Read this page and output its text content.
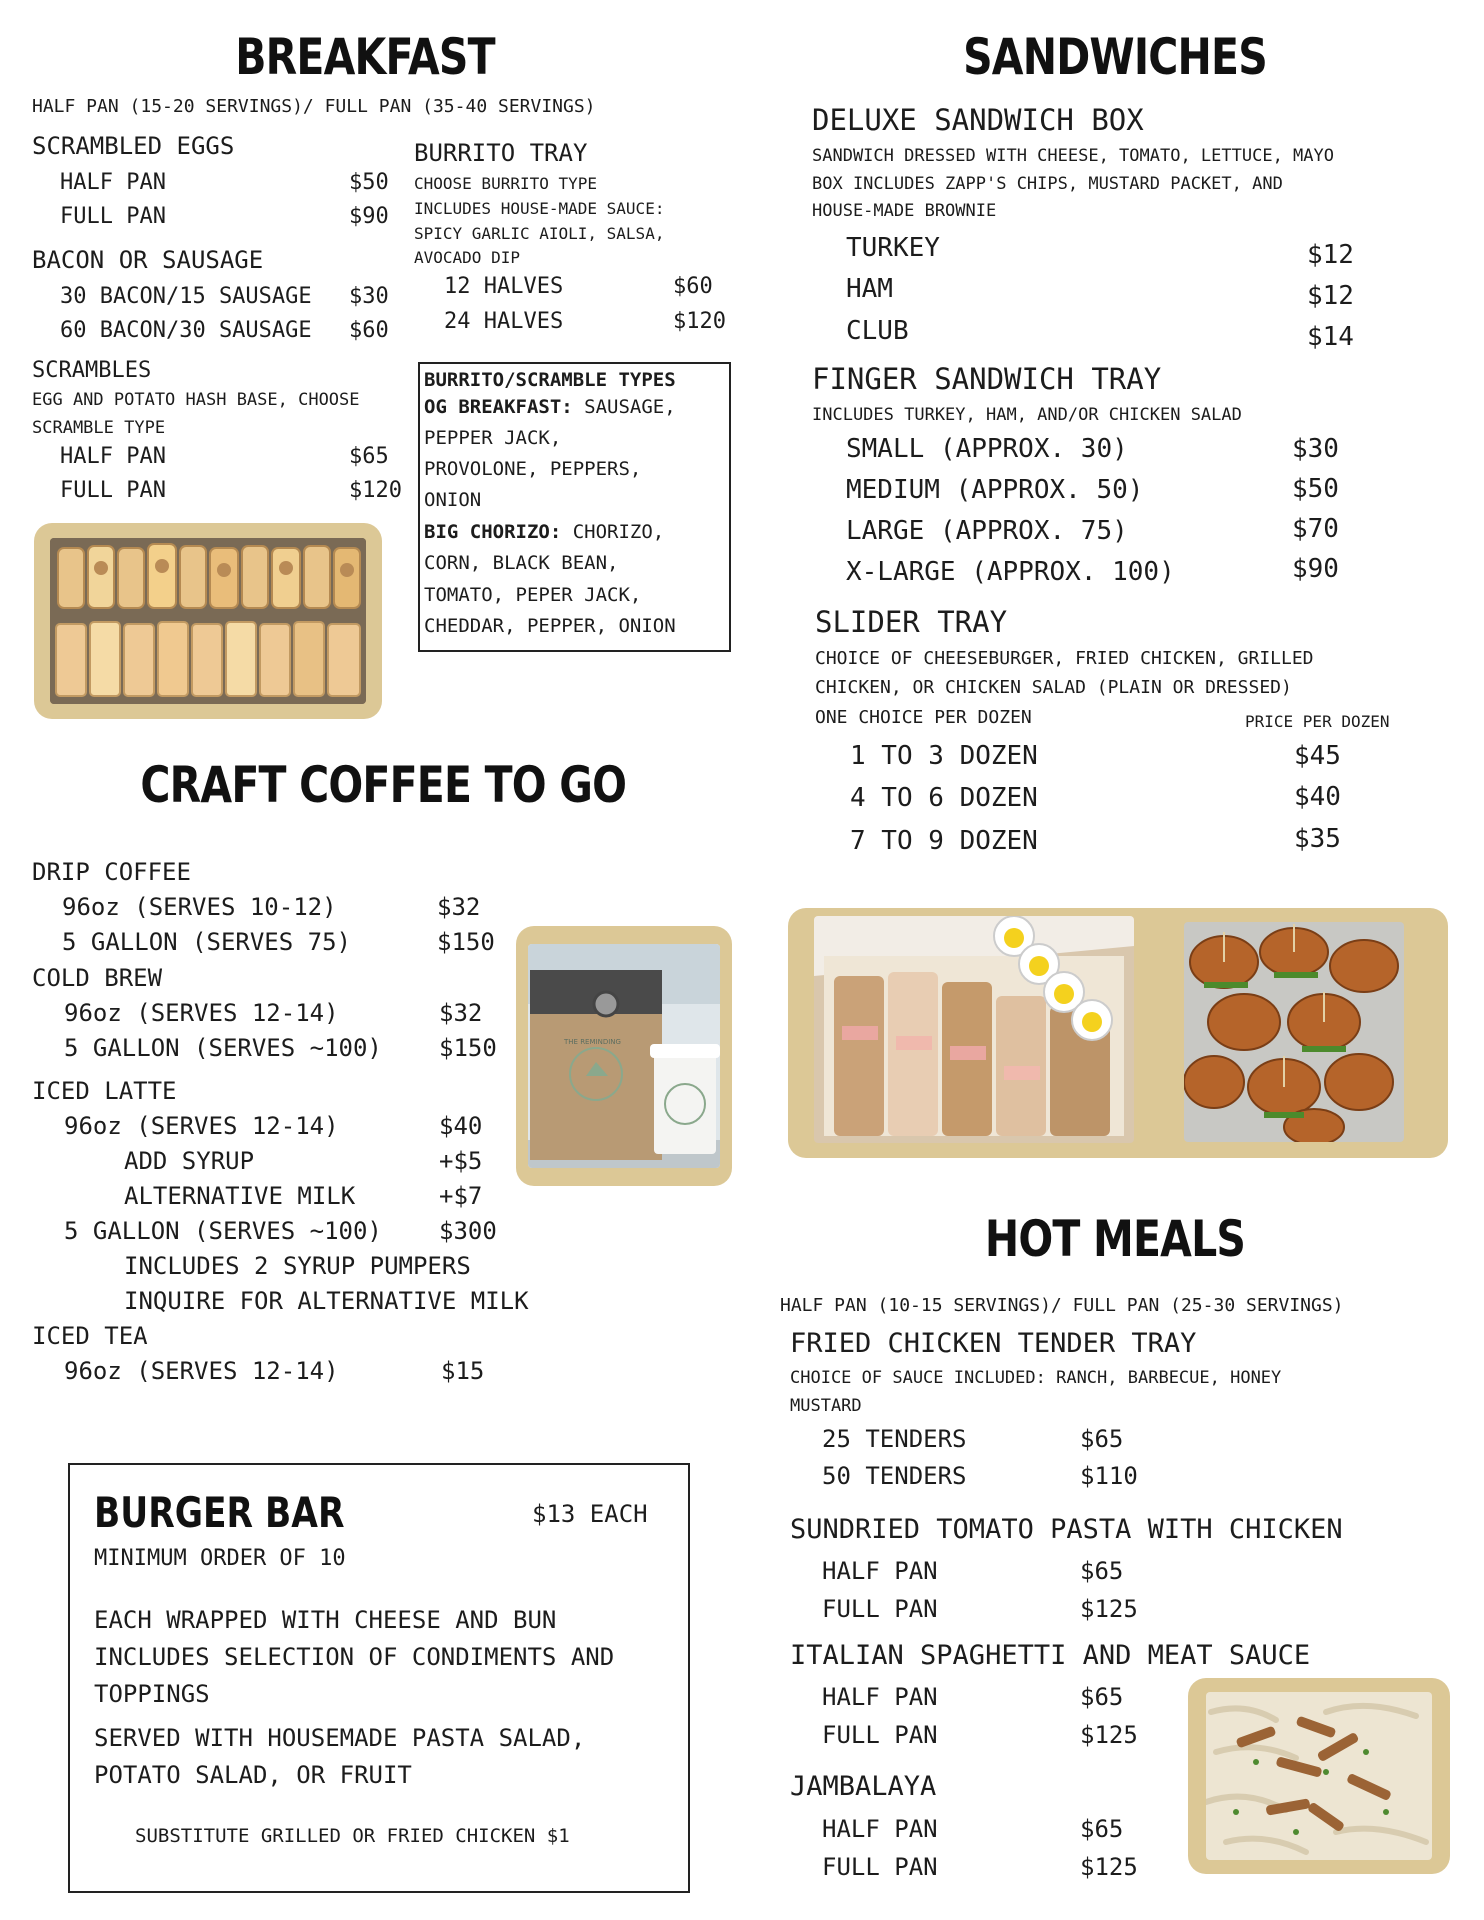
BREAKFAST
HALF PAN (15-20 SERVINGS)/ FULL PAN (35-40 SERVINGS)
SCRAMBLED EGGS
HALF PAN	$50
FULL PAN	$90
BACON OR SAUSAGE
30 BACON/15 SAUSAGE $30
60 BACON/30 SAUSAGE $60
SCRAMBLES
EGG AND POTATO HASH BASE, CHOOSE
SCRAMBLE TYPE
HALF PAN	$65
FULL PAN	$120
BURRITO TRAY
CHOOSE BURRITO TYPE
INCLUDES HOUSE-MADE SAUCE:
SPICY GARLIC AIOLI, SALSA,
AVOCADO DIP
12 HALVES	$60
24 HALVES	$120
BURRITO/SCRAMBLE TYPES
OG BREAKFAST: SAUSAGE,
PEPPER JACK,
PROVOLONE, PEPPERS,
ONION
BIG CHORIZO: CHORIZO,
CORN, BLACK BEAN,
TOMATO, PEPER JACK,
CHEDDAR, PEPPER, ONION
CRAFT COFFEE TO GO
DRIP COFFEE
96oz (SERVES 10-12)	$32
5 GALLON (SERVES 75)	$150
COLD BREW
96oz (SERVES 12-14)	$32
5 GALLON (SERVES ~100) $150
ICED LATTE
96oz (SERVES 12-14)	$40
ADD SYRUP	+$5
ALTERNATIVE MILK	+$7
5 GALLON (SERVES ~100) $300
INCLUDES 2 SYRUP PUMPERS
INQUIRE FOR ALTERNATIVE MILK
ICED TEA
96oz (SERVES 12-14)	$15
THE REMINDING
BURGER BAR	$13 EACH
MINIMUM ORDER OF 10
EACH WRAPPED WITH CHEESE AND BUN
INCLUDES SELECTION OF CONDIMENTS AND
TOPPINGS
SERVED WITH HOUSEMADE PASTA SALAD,
POTATO SALAD, OR FRUIT
SUBSTITUTE GRILLED OR FRIED CHICKEN $1
SANDWICHES
DELUXE SANDWICH BOX
SANDWICH DRESSED WITH CHEESE, TOMATO, LETTUCE, MAYO
BOX INCLUDES ZAPP'S CHIPS, MUSTARD PACKET, AND
HOUSE-MADE BROWNIE
TURKEY	$12
HAM	$12
CLUB	$14
FINGER SANDWICH TRAY
INCLUDES TURKEY, HAM, AND/OR CHICKEN SALAD
SMALL (APPROX. 30)	$30
MEDIUM (APPROX. 50)	$50
LARGE (APPROX. 75)	$70
X-LARGE (APPROX. 100)	$90
SLIDER TRAY
CHOICE OF CHEESEBURGER, FRIED CHICKEN, GRILLED
CHICKEN, OR CHICKEN SALAD (PLAIN OR DRESSED)
ONE CHOICE PER DOZEN	PRICE PER DOZEN
1 TO 3 DOZEN	$45
4 TO 6 DOZEN	$40
7 TO 9 DOZEN	$35
HOT MEALS
HALF PAN (10-15 SERVINGS)/ FULL PAN (25-30 SERVINGS)
FRIED CHICKEN TENDER TRAY
CHOICE OF SAUCE INCLUDED: RANCH, BARBECUE, HONEY
MUSTARD
25 TENDERS	$65
50 TENDERS	$110
SUNDRIED TOMATO PASTA WITH CHICKEN
HALF PAN	$65
FULL PAN	$125
ITALIAN SPAGHETTI AND MEAT SAUCE
HALF PAN	$65
FULL PAN	$125
JAMBALAYA
HALF PAN	$65
FULL PAN	$125
